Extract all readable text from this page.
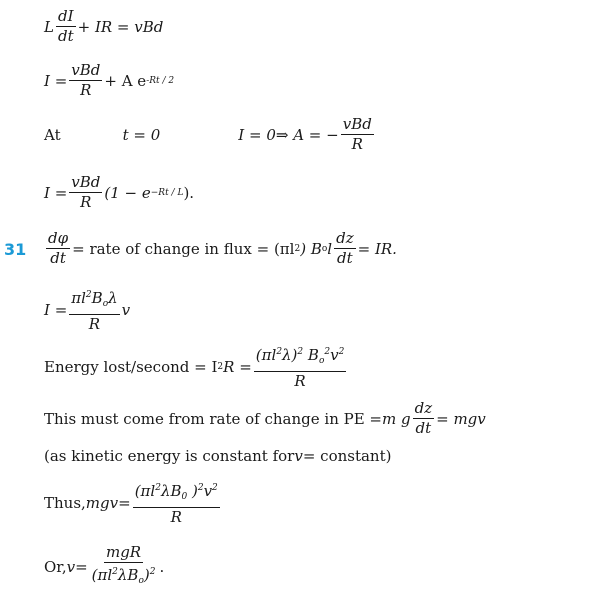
31
L $\frac{dI}{dt}$ + IR = vBd
$I = \frac{\text{vBd}}{R} + A$ e -Rt / 2
At	t = 0	I = 0⇒ A = − $\frac{\text{vBd}}{R}$
$I = \frac{\text{vBd}}{R} (1 - e -Rt / L$ ).
$\frac{d\varphi}{dt}$ = rate of change in flux = (πl 2 ) B o l $\frac{dz}{dt}$ = IR.
$I = \frac{\pi l^2B_o\lambda}{R}$ v
Energy lost/second = I 2 $R = \frac{(\pi l^2\lambda)^2 B_o^2v^2}{R}$
This must come from rate of change in PE = m g $\frac{dz}{dt}$ = mgv
(as kinetic energy is constant for v = constant)
Thus, mgv = $\frac{(\pi l^2\lambda B_0 )^2v^2}{R}$
Or, $v = \frac{\text{mgR}}{(\pi l^2\lambda B_o)^2}$ .
